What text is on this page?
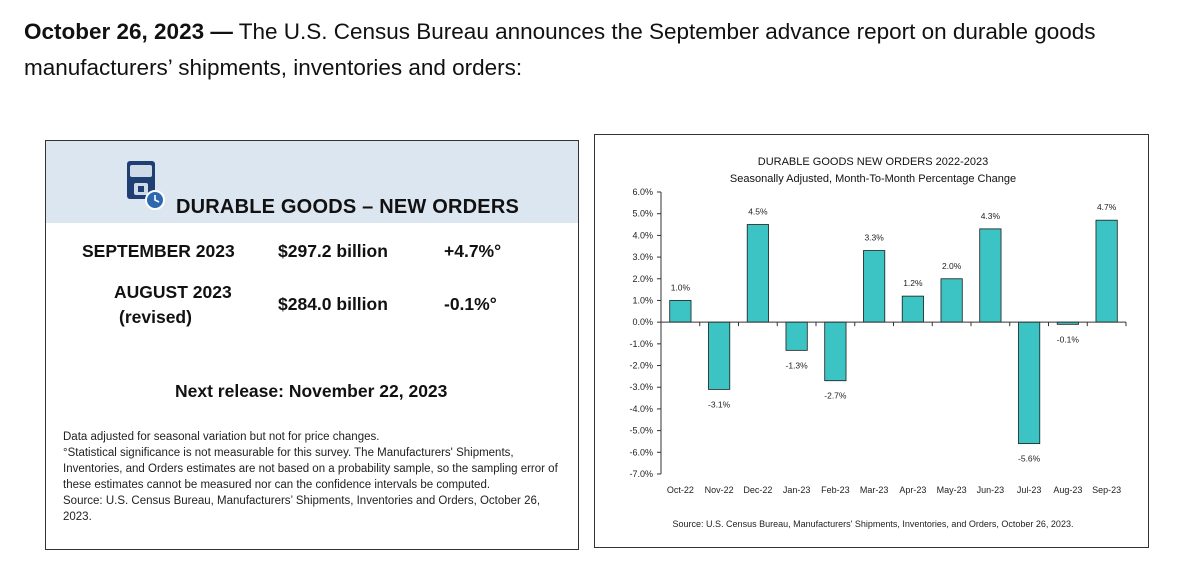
October 26, 2023 — The U.S. Census Bureau announces the September advance report on durable goods manufacturers’ shipments, inventories and orders:
DURABLE GOODS – NEW ORDERS
SEPTEMBER 2023 $297.2 billion	+4.7%°
AUGUST 2023
(revised)
$284.0 billion	-0.1%°
Next release: November 22, 2023
Data adjusted for seasonal variation but not for price changes.
°Statistical significance is not measurable for this survey. The Manufacturers' Shipments, Inventories, and Orders estimates are not based on a probability sample, so the sampling error of these estimates cannot be measured nor can the confidence intervals be computed.
Source: U.S. Census Bureau, Manufacturers’ Shipments, Inventories and Orders, October 26, 2023.
DURABLE GOODS NEW ORDERS 2022-2023
Seasonally Adjusted, Month-To-Month Percentage Change
6.0%
5.0%
4.0%
3.0%
2.0%
1.0%
0.0%
-1.0%
-2.0%
-3.0%
-4.0%
-5.0%
-6.0%
-7.0%
1.0%
Oct-22
-3.1%
Nov-22
4.5%
Dec-22
-1.3%
Jan-23
-2.7%
Feb-23
3.3%
Mar-23
1.2%
Apr-23
2.0%
May-23
4.3%
Jun-23
-5.6%
Jul-23
-0.1%
Aug-23
4.7%
Sep-23
Source: U.S. Census Bureau, Manufacturers' Shipments, Inventories, and Orders, October 26, 2023.
